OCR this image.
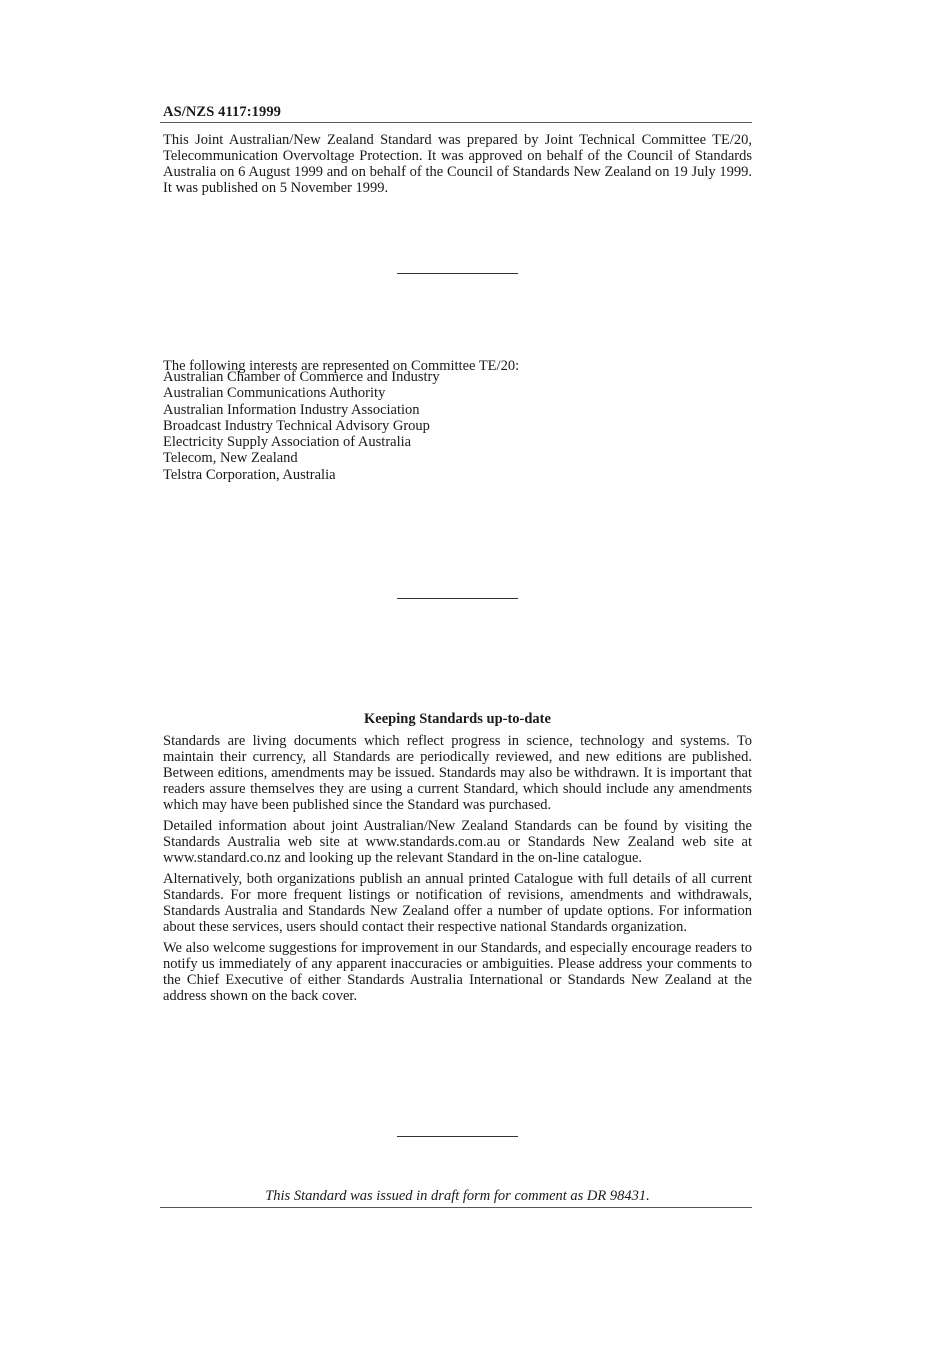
AS/NZS 4117:1999

This Joint Australian/New Zealand Standard was prepared by Joint Technical Committee TE/20, Telecommunication Overvoltage Protection. It was approved on behalf of the Council of Standards Australia on 6 August 1999 and on behalf of the Council of Standards New Zealand on 19 July 1999. It was published on 5 November 1999.

The following interests are represented on Committee TE/20:

Australian Chamber of Commerce and Industry
Australian Communications Authority
Australian Information Industry Association
Broadcast Industry Technical Advisory Group
Electricity Supply Association of Australia
Telecom, New Zealand
Telstra Corporation, Australia
Keeping Standards up-to-date

Standards are living documents which reflect progress in science, technology and systems. To maintain their currency, all Standards are periodically reviewed, and new editions are published. Between editions, amendments may be issued. Standards may also be withdrawn. It is important that readers assure themselves they are using a current Standard, which should include any amendments which may have been published since the Standard was purchased.

Detailed information about joint Australian/New Zealand Standards can be found by visiting the Standards Australia web site at www.standards.com.au or Standards New Zealand web site at www.standard.co.nz and looking up the relevant Standard in the on-line catalogue.

Alternatively, both organizations publish an annual printed Catalogue with full details of all current Standards. For more frequent listings or notification of revisions, amendments and withdrawals, Standards Australia and Standards New Zealand offer a number of update options. For information about these services, users should contact their respective national Standards organization.

We also welcome suggestions for improvement in our Standards, and especially encourage readers to notify us immediately of any apparent inaccuracies or ambiguities. Please address your comments to the Chief Executive of either Standards Australia International or Standards New Zealand at the address shown on the back cover.

This Standard was issued in draft form for comment as DR 98431.
